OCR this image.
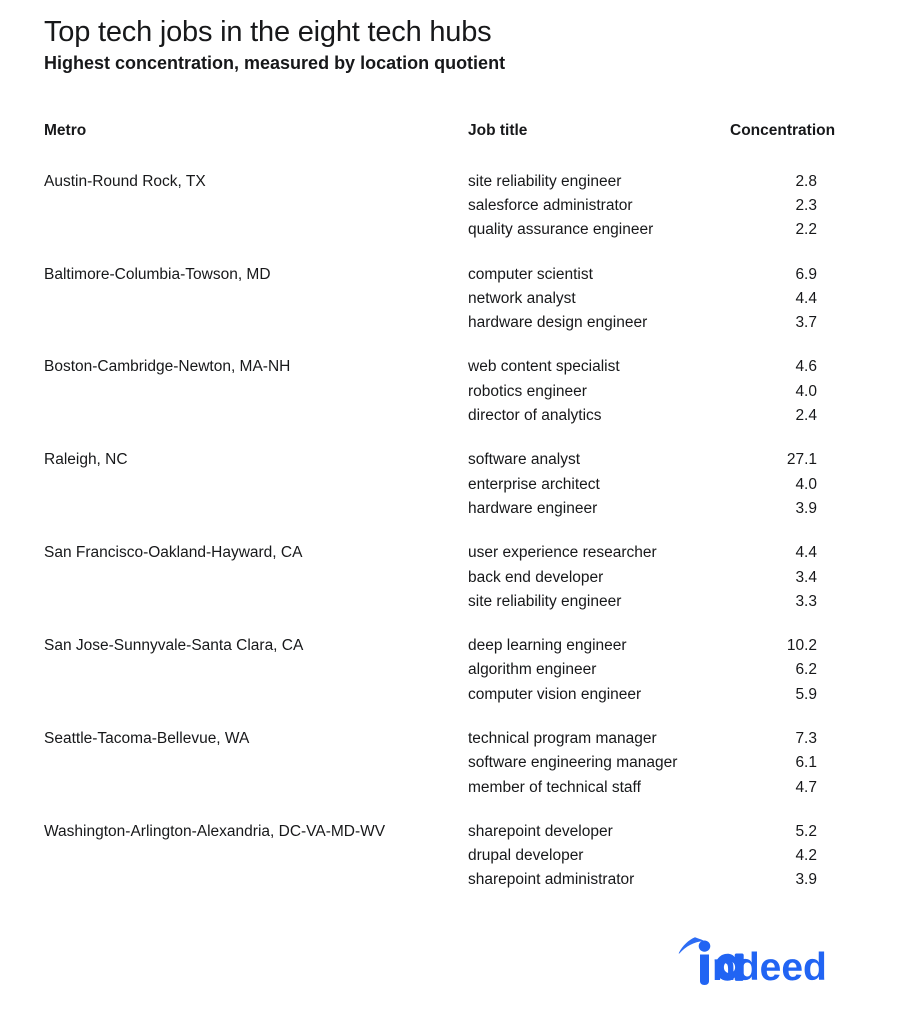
Top tech jobs in the eight tech hubs
Highest concentration, measured by location quotient
Metro	Job title	Concentration
Austin-Round Rock, TX	site reliability engineer	2.8
	salesforce administrator	2.3
	quality assurance engineer	2.2
Baltimore-Columbia-Towson, MD	computer scientist	6.9
	network analyst	4.4
	hardware design engineer	3.7
Boston-Cambridge-Newton, MA-NH	web content specialist	4.6
	robotics engineer	4.0
	director of analytics	2.4
Raleigh, NC	software analyst	27.1
	enterprise architect	4.0
	hardware engineer	3.9
San Francisco-Oakland-Hayward, CA	user experience researcher	4.4
	back end developer	3.4
	site reliability engineer	3.3
San Jose-Sunnyvale-Santa Clara, CA	deep learning engineer	10.2
	algorithm engineer	6.2
	computer vision engineer	5.9
Seattle-Tacoma-Bellevue, WA	technical program manager	7.3
	software engineering manager	6.1
	member of technical staff	4.7
Washington-Arlington-Alexandria, DC-VA-MD-WV	sharepoint developer	5.2
	drupal developer	4.2
	sharepoint administrator	3.9
ndeed
